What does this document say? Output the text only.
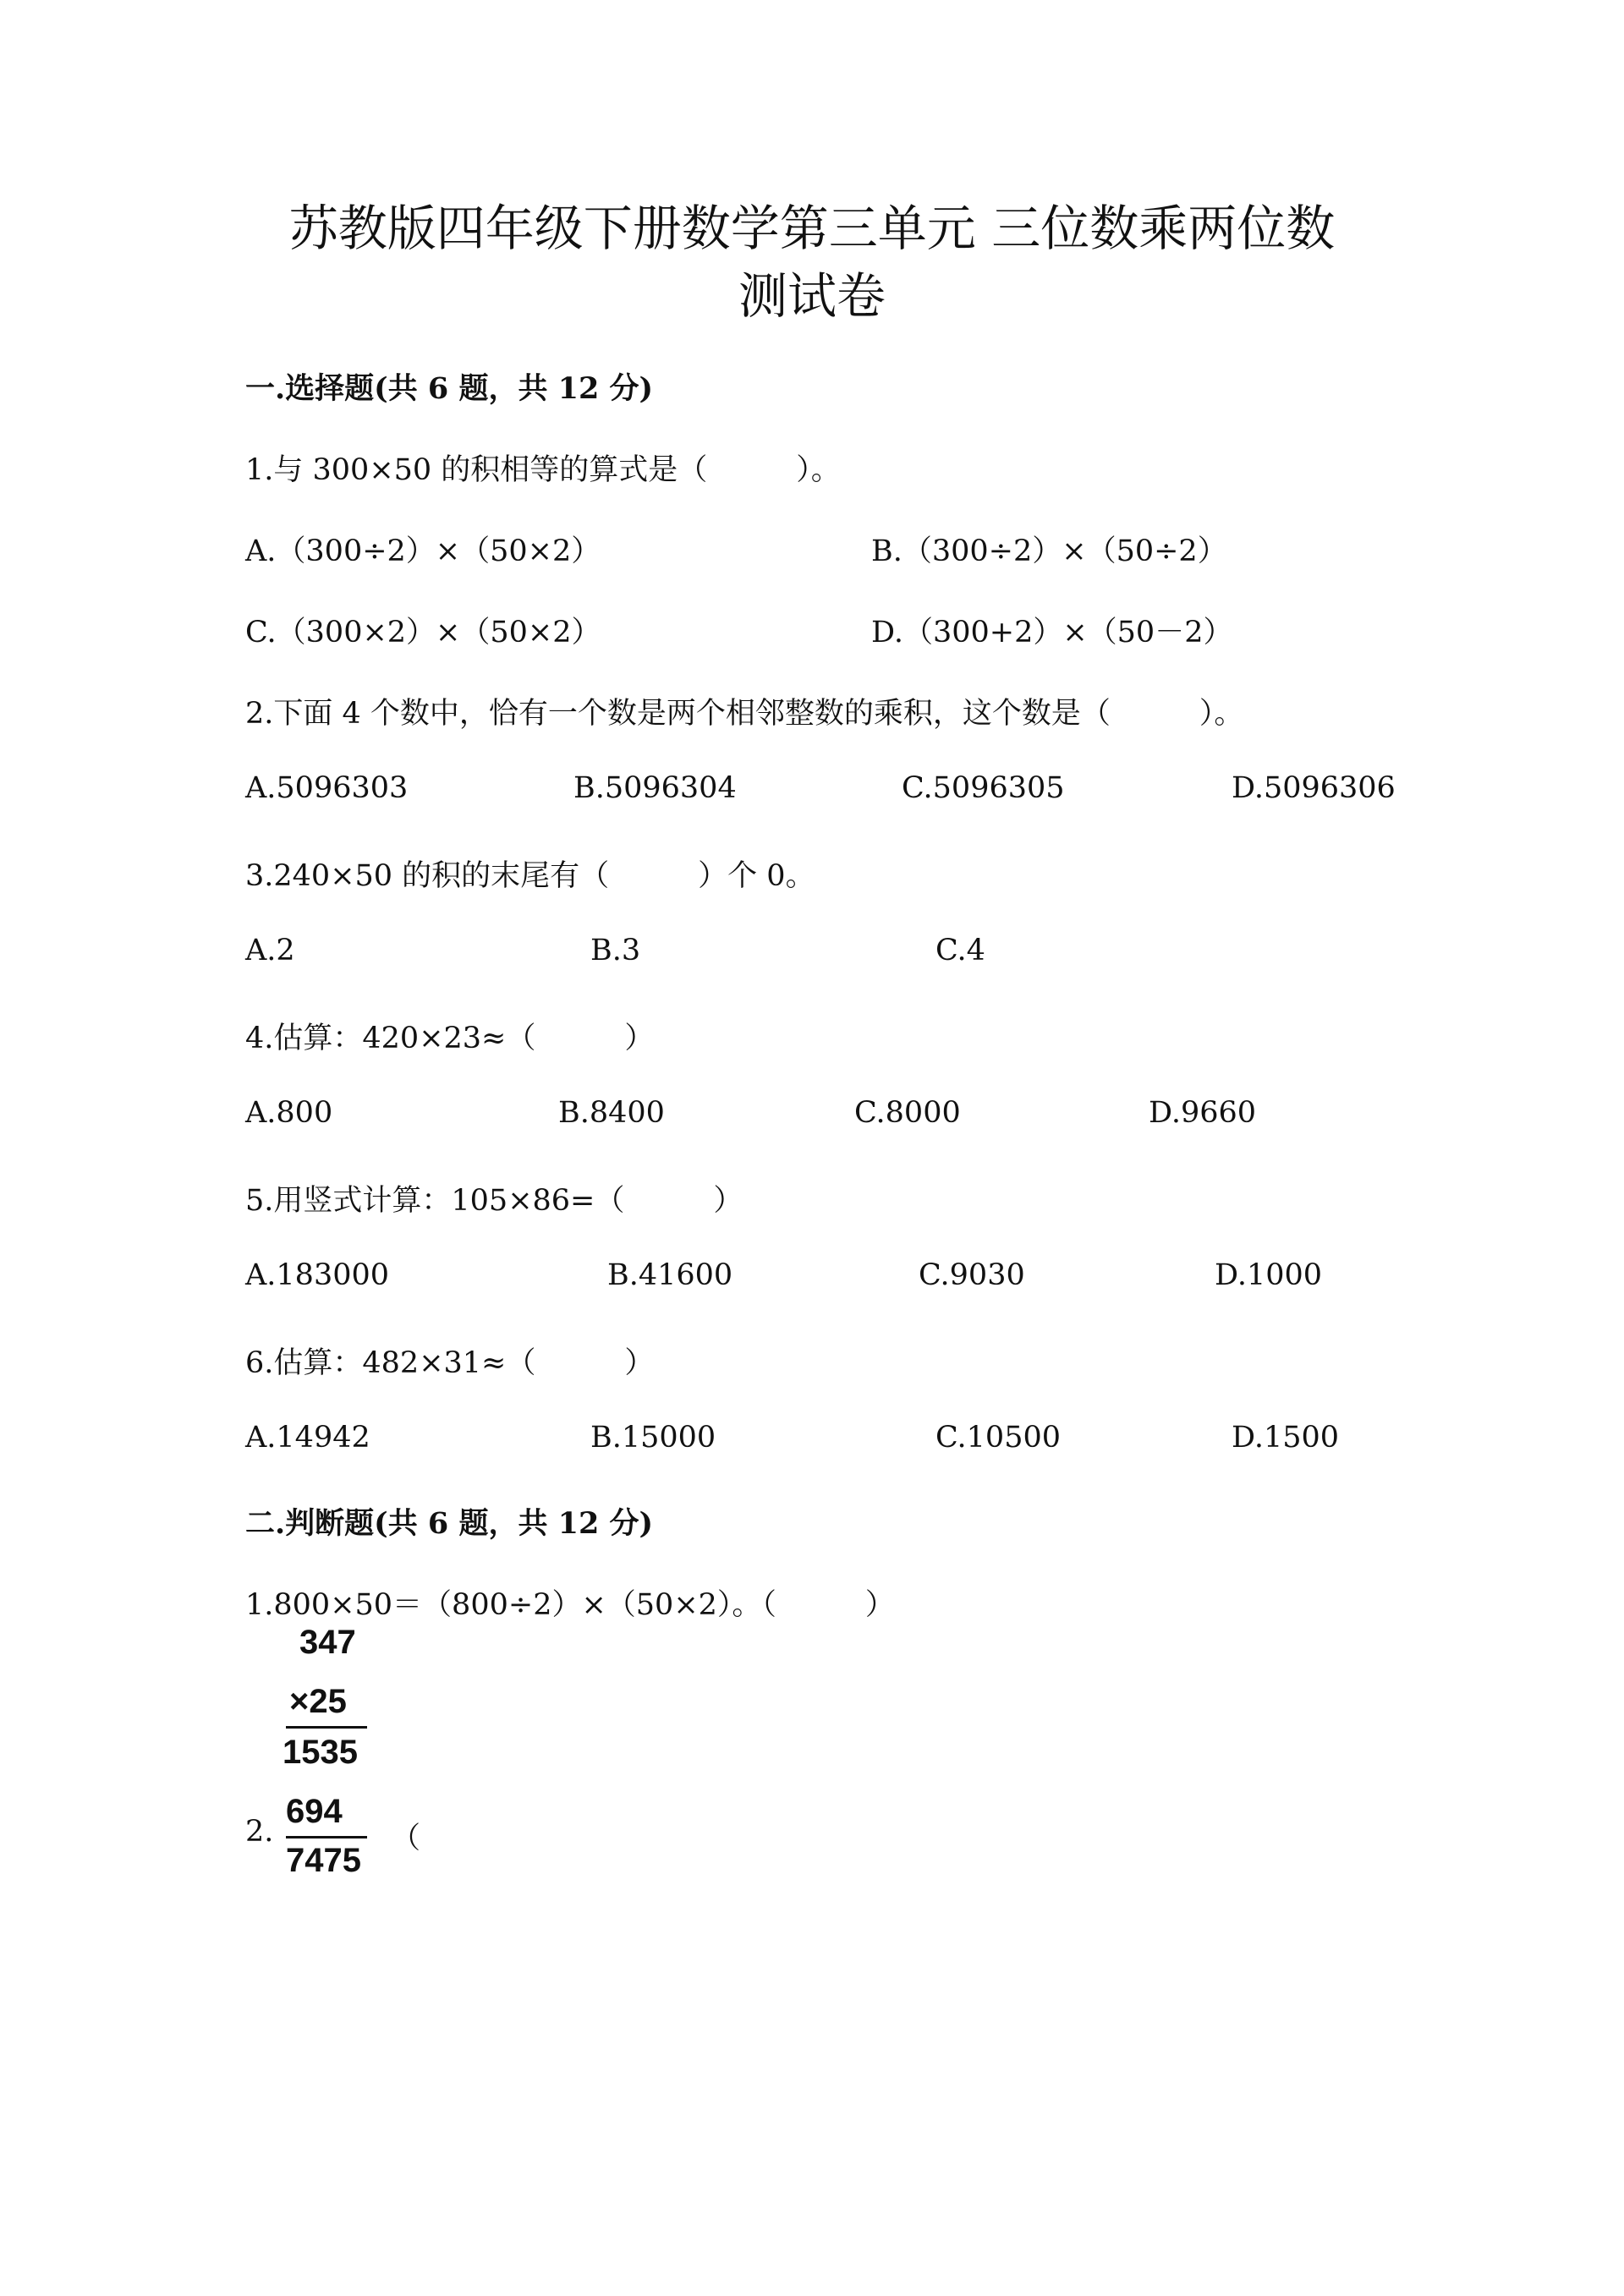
苏教版四年级下册数学第三单元 三位数乘两位数
测试卷
一.选择题(共 6 题，共 12 分)
1.与 300×50 的积相等的算式是（　　　）。
A.（300÷2）×（50×2）	B.（300÷2）×（50÷2）
C.（300×2）×（50×2）	D.（300+2）×（50－2）
2.下面 4 个数中，恰有一个数是两个相邻整数的乘积，这个数是（　　　）。
A.5096303	B.5096304	C.5096305	D.5096306
3.240×50 的积的末尾有（　　　）个 0。
A.2	B.3	C.4
4.估算：420×23≈（　　　）
A.800	B.8400	C.8000	D.9660
5.用竖式计算：105×86=（　　　）
A.183000	B.41600	C.9030	D.1000
6.估算：482×31≈（　　　）
A.14942	B.15000	C.10500	D.1500
二.判断题(共 6 题，共 12 分)
1.800×50＝（800÷2）×（50×2）。（　　　）
347
×25
1535
2.
694
7475
（
